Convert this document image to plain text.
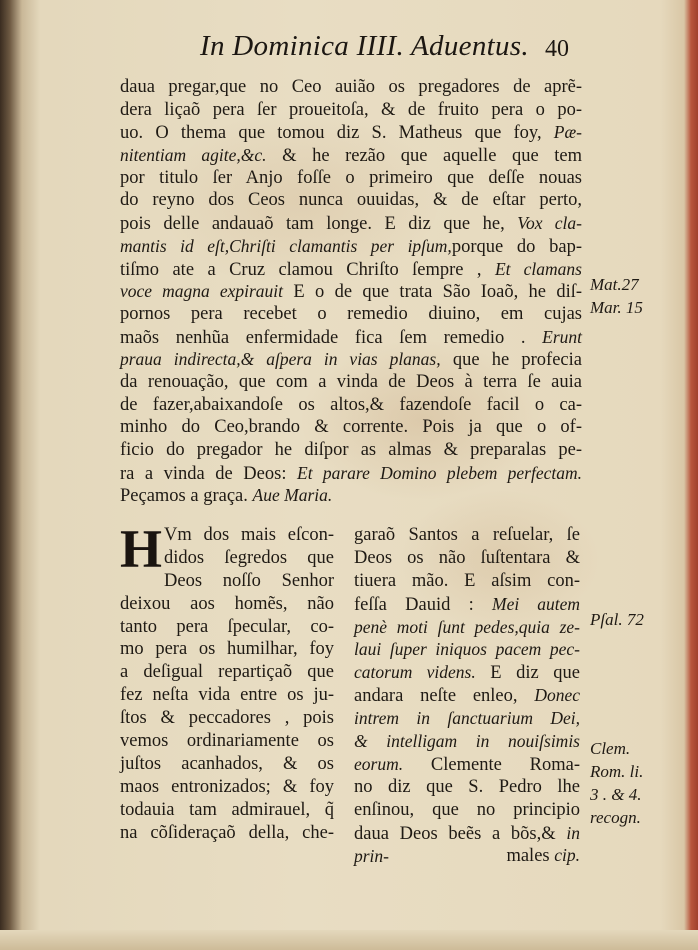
In Dominica IIII. Aduentus. 40
daua pregar,que no Ceo auião os pregadores de aprẽ-
dera liçaõ pera ſer proueitoſa, & de fruito pera o po-
uo. O thema que tomou diz S. Matheus que foy, Pæ-
nitentiam agite,&c. & he rezão que aquelle que tem
por titulo ſer Anjo foſſe o primeiro que deſſe nouas
do reyno dos Ceos nunca ouuidas, & de eſtar perto,
pois delle andauaõ tam longe. E diz que he, Vox cla-
mantis id eſt,Chriſti clamantis per ipſum,porque do bap-
tiſmo ate a Cruz clamou Chriſto ſempre , Et clamans
voce magna expirauit E o de que trata São Ioaõ, he diſ-
pornos pera recebet o remedio diuino, em cujas
maõs nenhũa enfermidade fica ſem remedio . Erunt
praua indirecta,& aſpera in vias planas, que he profecia
da renouação, que com a vinda de Deos à terra ſe auia
de fazer,abaixandoſe os altos,& fazendoſe facil o ca-
minho do Ceo,brando & corrente. Pois ja que o of-
ficio do pregador he diſpor as almas & preparalas pe-
ra a vinda de Deos: Et parare Domino plebem perfectam.
Peçamos a graça. Aue Maria.
H Vm dos mais eſcon-
didos ſegredos que
Deos noſſo Senhor
deixou aos homẽs, não
tanto pera ſpecular, co-
mo pera os humilhar, foy
a deſigual repartiçaõ que
fez neſta vida entre os ju-
ſtos & peccadores , pois
vemos ordinariamente os
juſtos acanhados, & os
maos entronizados; & foy
todauia tam admirauel, q̃
na cõſideraçaõ della, che-
garaõ Santos a reſuelar, ſe
Deos os não ſuſtentara &
tiuera mão. E aſsim con-
feſſa Dauid : Mei autem
penè moti ſunt pedes,quia ze-
laui ſuper iniquos pacem pec-
catorum videns. E diz que
andara neſte enleo, Donec
intrem in ſanctuarium Dei,
& intelligam in nouiſsimis
eorum. Clemente Roma-
no diz que S. Pedro lhe
enſinou, que no principio
daua Deos beẽs a bõs,& in prin-	males cip.
Mat.27
Mar. 15
Pſal. 72
Clem.
Rom. li.
3 . & 4.
recogn.
